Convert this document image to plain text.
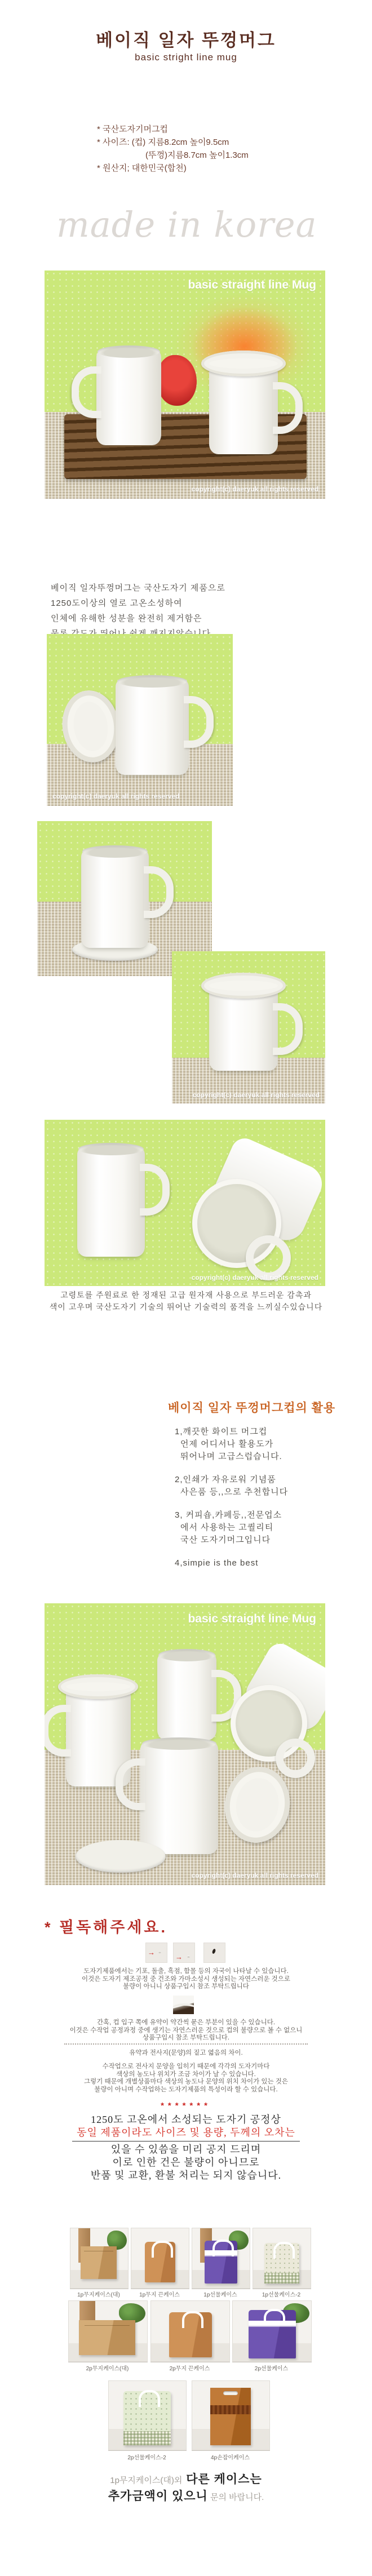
베이직 일자 뚜껑머그
basic stright line mug
* 국산도자기머그컵
* 사이즈: (컵) 지름8.2cm 높이9.5cm
(뚜껑)지름8.7cm 높이1.3cm
* 원산지; 대한민국(합천)
made in korea
basic straight line Mug
copyright(c) daeryuk all rights reserved
베이직 일자뚜껑머그는 국산도자기 제품으로
1250도이상의 열로 고온소성하여
인체에 유해한 성분을 완전히 제거함은
copyright(c) daeryuk all rights reserved
copyright(c) daeryuk all rights reserved
copyright(c) daeryuk all rights reserved
고령토를 주원료로 한 정재된 고급 원자재 사용으로 부드러운 감촉과
색이 고우며 국산도자기 기술의 뛰어난 기술력의 품격을 느끼실수있습니다
베이직 일자 뚜껑머그컵의 활용
1,깨끗한 화이트 머그컵
언제 어디서나 활용도가
뛰어나며 고급스럽습니다.
2,인쇄가 자유로워 기념품
사은품 등,,으로 추천합니다
3, 커피숍,카페등,,전문업소
에서 사용하는 고퀄리티
국산 도자기머그입니다
4,simpie is the best
basic straight line Mug
copyright(c) daeryuk all rights reserved
* 필독해주세요.
→
→
도자기제품에서는 기포, 돌출, 흑점, 함몰 등의 자국이 나타날 수 있습니다.
이것은 도자기 제조공정 중 건조와 가마소성시 생성되는 자연스러운 것으로
불량이 아니니 상품구입시 참조 부탁드립니다
간혹, 컵 입구 쪽에 유약이 약간씩 묻은 부분이 있을 수 있습니다.
이것은 수작업 공정과정 중에 생기는 자연스러운 것으로 컵의 불량으로 볼 수 없으니
상품구입시 참조 부탁드립니다.
유약과 전사지(문양)의 짙고 엷음의 차이.
수작업으로 전사지 문양을 입히기 때문에 각각의 도자기마다
색상의 농도나 위치가 조금 차이가 날 수 있습니다.
그렇기 때문에 개별상품마다 색상의 농도나 문양의 위치 차이가 있는 것은
불량이 아니며 수작업하는 도자기제품의 특성이라 할 수 있습니다.
*******
1250도 고온에서 소성되는 도자기 공정상
동일 제품이라도 사이즈 및 용량, 두께의 오차는
있을 수 있씀을 미리 공지 드리며
이로 인한 건은 불량이 아니므로
반품 및 교환, 환불 처리는 되지 않습니다.
1p무지케이스(대)	1p무지 끈케이스	1p선물케이스	1p선물케이스-2
2p무지케이스(대)	2p무지 끈케이스	2p선물케이스
2p선물케이스-2	4p손잡이케이스
1p무지케이스(대)외 다른 케이스는
추가금액이 있으니 문의 바랍니다.
